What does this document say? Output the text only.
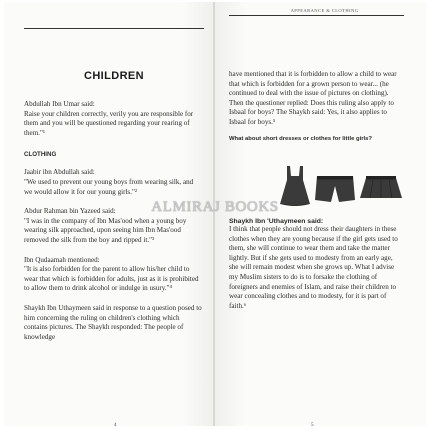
CHILDREN

Abdullah Ibn Umar said:

Raise your children correctly, verily you are responsible for them and you will be questioned regarding your rearing of them."¹

CLOTHING

Jaabir ibn Abdullah said:

"We used to prevent our young boys from wearing silk, and we would allow it for our young girls."²

Abdur Rahman bin Yazeed said:

"I was in the company of Ibn Mas'ood when a young boy wearing silk approached, upon seeing him Ibn Mas'ood removed the silk from the boy and ripped it."³

Ibn Qudaamah mentioned:

"It is also forbidden for the parent to allow his/her child to wear that which is forbidden for adults, just as it is prohibited to allow them to drink alcohol or indulge in usury."⁴

Shaykh Ibn Uthaymeen said in response to a question posed to him concerning the ruling on children's clothing which contains pictures. The Shaykh responded: The people of knowledge

4
APPEARANCE & CLOTHING

have mentioned that it is forbidden to allow a child to wear that which is forbidden for a grown person to wear... (he continued to deal with the issue of pictures on clothing). Then the questioner replied: Does this ruling also apply to Isbaal for boys? The Shaykh said: Yes, it also applies to Isbaal for boys.⁵

What about short dresses or clothes for little girls?

Shaykh Ibn 'Uthaymeen said:

I think that people should not dress their daughters in these clothes when they are young because if the girl gets used to them, she will continue to wear them and take the matter lightly. But if she gets used to modesty from an early age, she will remain modest when she grows up. What I advise my Muslim sisters to do is to forsake the clothing of foreigners and enemies of Islam, and raise their children to wear concealing clothes and to modesty, for it is part of faith.⁶

5
ALMIRAJ BOOKS
